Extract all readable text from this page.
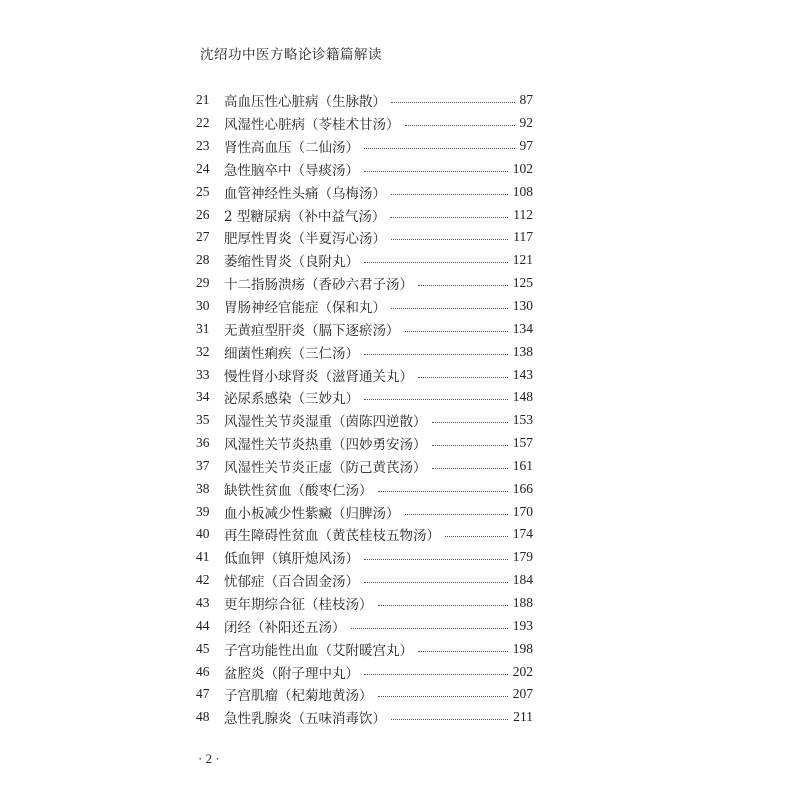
沈绍功中医方略论诊籍篇解读
21	高血压性心脏病（生脉散）	87
22	风湿性心脏病（苓桂术甘汤）	92
23	肾性高血压（二仙汤）	97
24	急性脑卒中（导痰汤）	102
25	血管神经性头痛（乌梅汤）	108
26	2 型糖尿病（补中益气汤）	112
27	肥厚性胃炎（半夏泻心汤）	117
28	萎缩性胃炎（良附丸）	121
29	十二指肠溃疡（香砂六君子汤）	125
30	胃肠神经官能症（保和丸）	130
31	无黄疸型肝炎（膈下逐瘀汤）	134
32	细菌性痢疾（三仁汤）	138
33	慢性肾小球肾炎（滋肾通关丸）	143
34	泌尿系感染（三妙丸）	148
35	风湿性关节炎湿重（茵陈四逆散）	153
36	风湿性关节炎热重（四妙勇安汤）	157
37	风湿性关节炎正虚（防己黄芪汤）	161
38	缺铁性贫血（酸枣仁汤）	166
39	血小板减少性紫癜（归脾汤）	170
40	再生障碍性贫血（黄芪桂枝五物汤）	174
41	低血钾（镇肝熄风汤）	179
42	忧郁症（百合固金汤）	184
43	更年期综合征（桂枝汤）	188
44	闭经（补阳还五汤）	193
45	子宫功能性出血（艾附暖宫丸）	198
46	盆腔炎（附子理中丸）	202
47	子宫肌瘤（杞菊地黄汤）	207
48	急性乳腺炎（五味消毒饮）	211
· 2 ·
